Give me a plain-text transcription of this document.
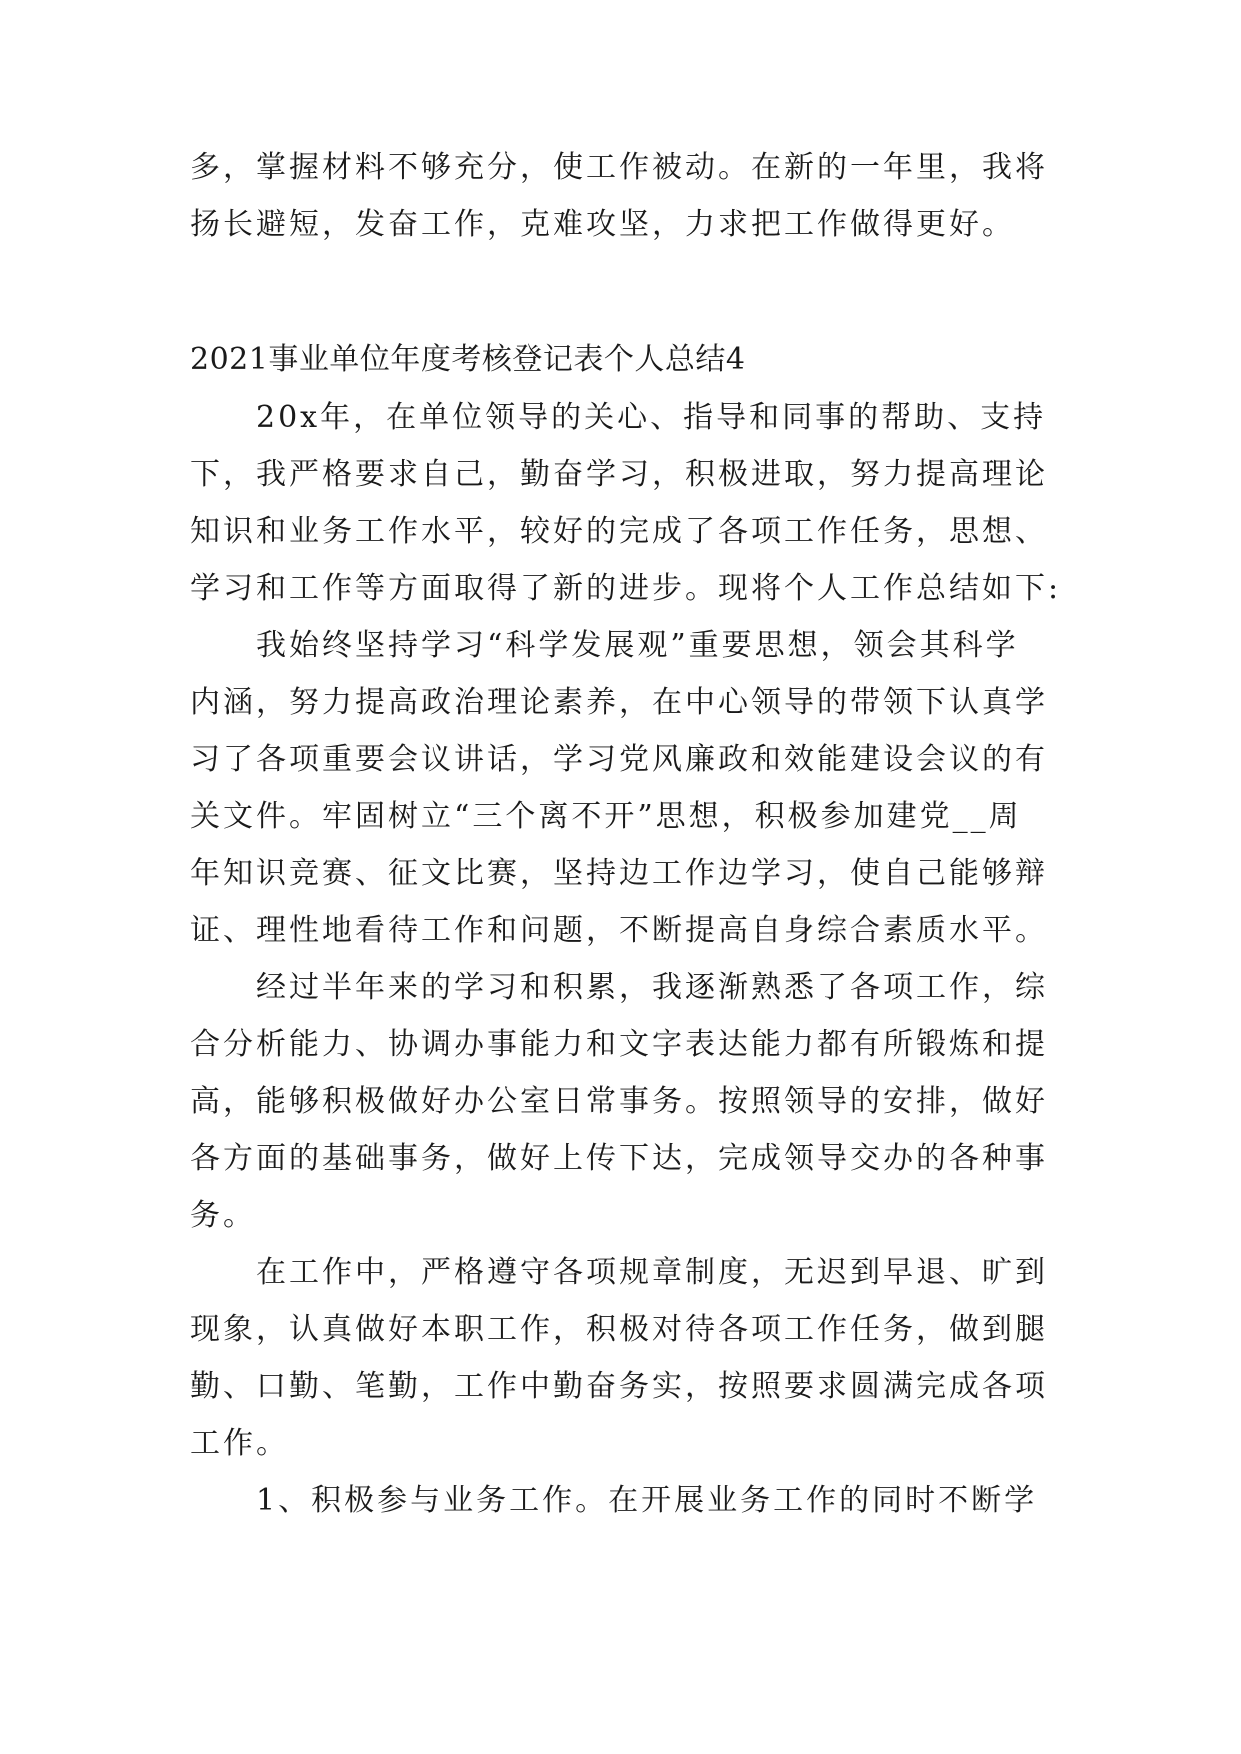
多，掌握材料不够充分，使工作被动。在新的一年里，我将
扬长避短，发奋工作，克难攻坚，力求把工作做得更好。
2021事业单位年度考核登记表个人总结4
20x年，在单位领导的关心、指导和同事的帮助、支持
下，我严格要求自己，勤奋学习，积极进取，努力提高理论
知识和业务工作水平，较好的完成了各项工作任务，思想、
学习和工作等方面取得了新的进步。现将个人工作总结如下:
我始终坚持学习“科学发展观”重要思想，领会其科学
内涵，努力提高政治理论素养，在中心领导的带领下认真学
习了各项重要会议讲话，学习党风廉政和效能建设会议的有
关文件。牢固树立“三个离不开”思想，积极参加建党__周
年知识竞赛、征文比赛，坚持边工作边学习，使自己能够辩
证、理性地看待工作和问题，不断提高自身综合素质水平。
经过半年来的学习和积累，我逐渐熟悉了各项工作，综
合分析能力、协调办事能力和文字表达能力都有所锻炼和提
高，能够积极做好办公室日常事务。按照领导的安排，做好
各方面的基础事务，做好上传下达，完成领导交办的各种事
务。
在工作中，严格遵守各项规章制度，无迟到早退、旷到
现象，认真做好本职工作，积极对待各项工作任务，做到腿
勤、口勤、笔勤，工作中勤奋务实，按照要求圆满完成各项
工作。
1、积极参与业务工作。在开展业务工作的同时不断学
